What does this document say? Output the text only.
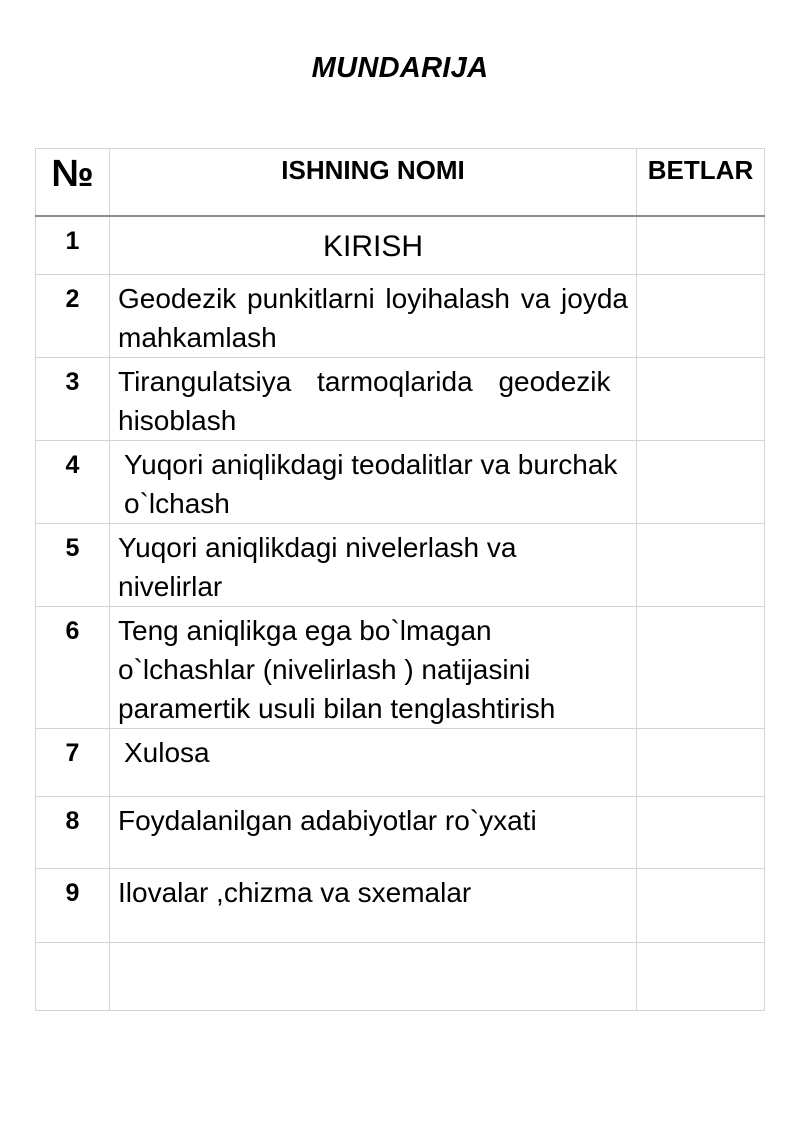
MUNDARIJA
№	ISHNING NOMI	BETLAR
1	KIRISH	
2	Geodezik punkitlarni loyihalash va joyda mahkamlash	
3	Tirangulatsiya tarmoqlarida geodezik hisoblash	
4	Yuqori aniqlikdagi teodalitlar va burchak o`lchash	
5	Yuqori aniqlikdagi nivelerlash va nivelirlar	
6	Teng aniqlikga ega bo`lmagan o`lchashlar (nivelirlash ) natijasini paramertik usuli bilan tenglashtirish	
7	Xulosa	
8	Foydalanilgan adabiyotlar ro`yxati	
9	Ilovalar ,chizma va sxemalar	
